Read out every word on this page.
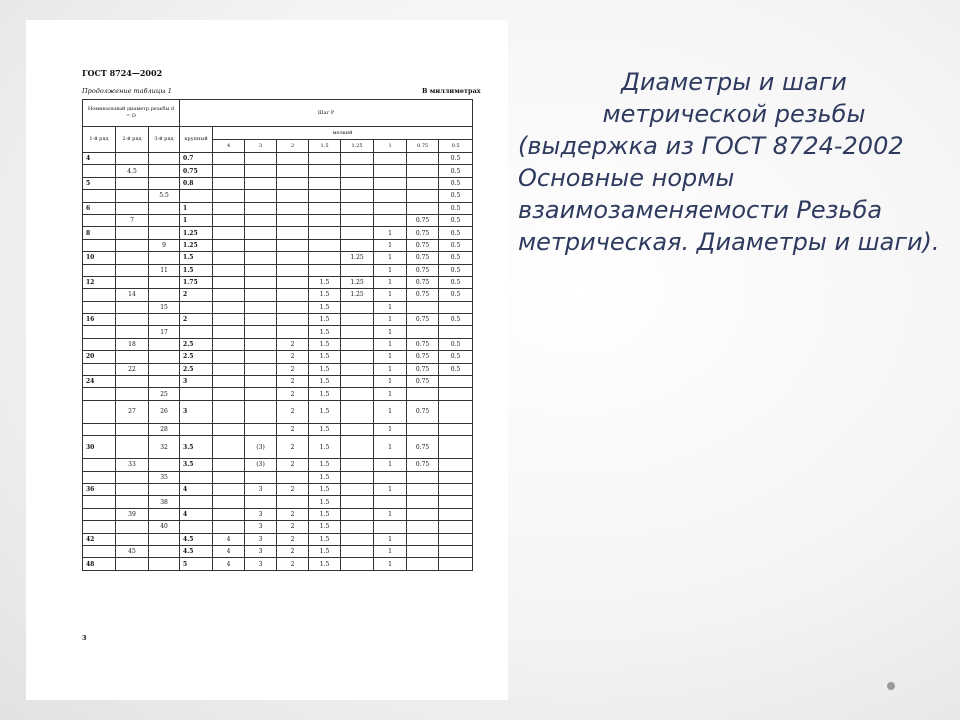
ГОСТ 8724—2002
Продолжение таблицы 1	В миллиметрах
Номинальный диаметр резьбы d = D			Шаг P								
1-й ряд	2-й ряд	3-й ряд	крупный	мелкий							
				4	3	2	1.5	1.25	1	0.75	0.5
4			0.7								0.5
	4.5		0.75								0.5
5			0.8								0.5
		5.5									0.5
6			1								0.5
	7		1							0.75	0.5
8			1.25						1	0.75	0.5
		9	1.25						1	0.75	0.5
10			1.5					1.25	1	0.75	0.5
		11	1.5						1	0.75	0.5
12			1.75				1.5	1.25	1	0.75	0.5
	14		2				1.5	1.25	1	0.75	0.5
		15					1.5		1		
16			2				1.5		1	0.75	0.5
		17					1.5		1		
	18		2.5			2	1.5		1	0.75	0.5
20			2.5			2	1.5		1	0.75	0.5
	22		2.5			2	1.5		1	0.75	0.5
24			3			2	1.5		1	0.75	
		25				2	1.5		1		
	27	26	3			2	1.5		1	0.75	
		28				2	1.5		1		
30		32	3.5		(3)	2	1.5		1	0.75	
	33		3.5		(3)	2	1.5		1	0.75	
		35					1.5				
36			4		3	2	1.5		1		
		38					1.5				
	39		4		3	2	1.5		1		
		40			3	2	1.5				
42			4.5	4	3	2	1.5		1		
	45		4.5	4	3	2	1.5		1		
48			5	4	3	2	1.5		1		
3
Диаметры и шаги
метрической резьбы
(выдержка из ГОСТ 8724-2002 Основные нормы взаимозаменяемости Резьба метрическая. Диаметры и шаги).
